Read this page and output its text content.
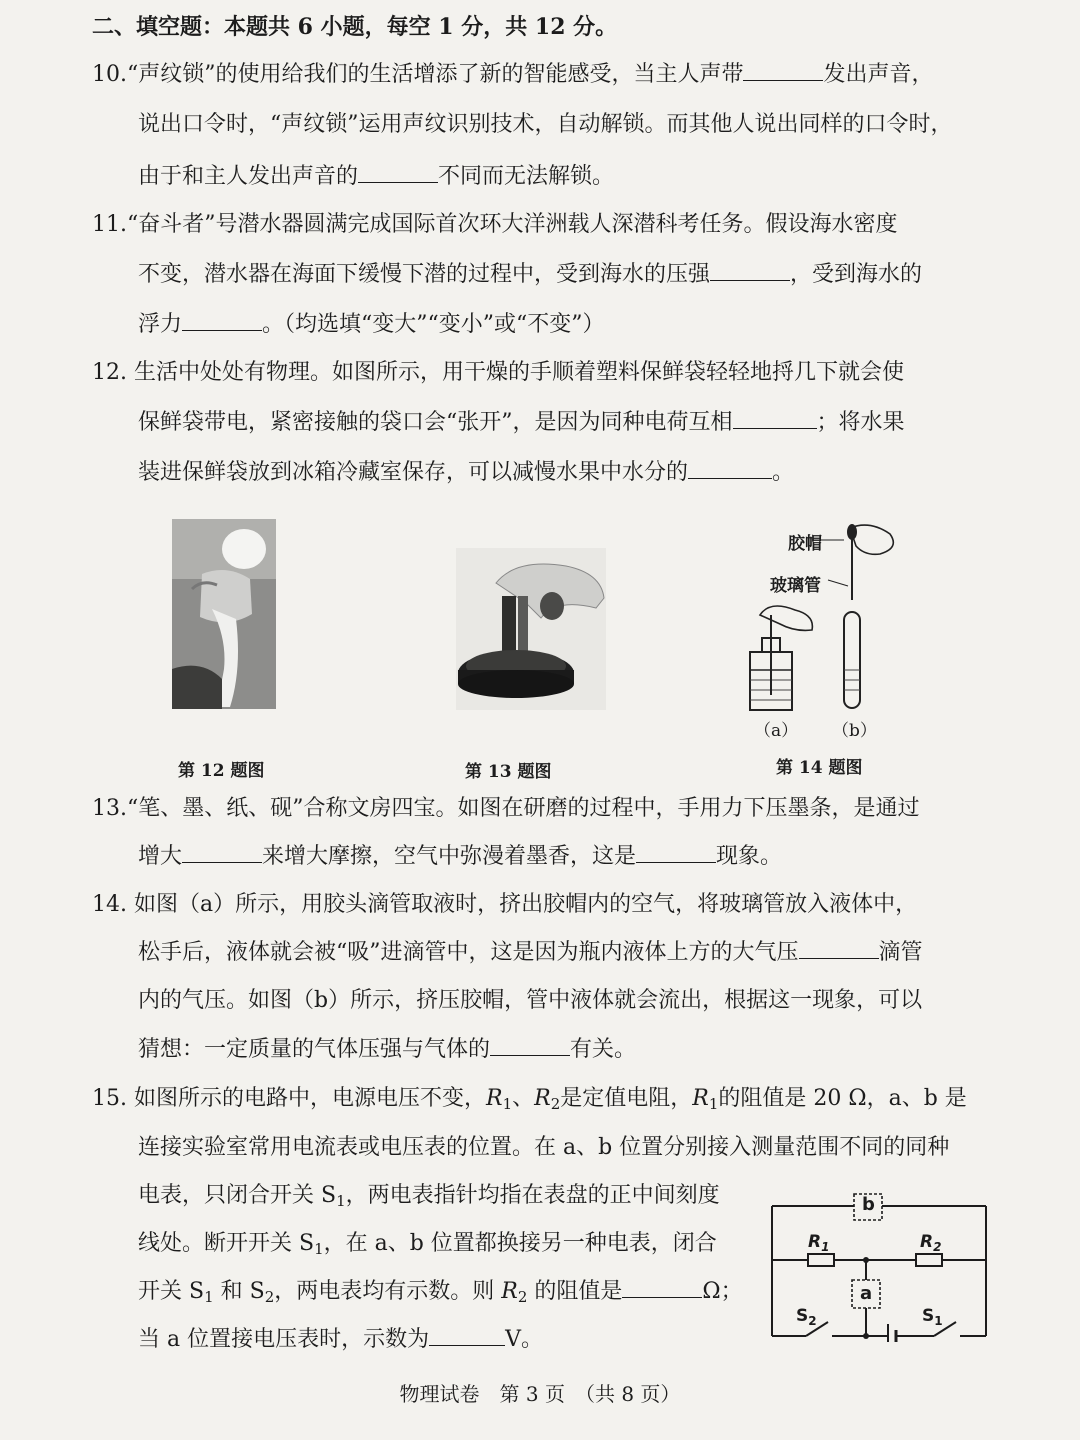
二、填空题：本题共 6 小题，每空 1 分，共 12 分。
10.“声纹锁”的使用给我们的生活增添了新的智能感受，当主人声带	发出声音，
说出口令时，“声纹锁”运用声纹识别技术，自动解锁。而其他人说出同样的口令时，
由于和主人发出声音的	不同而无法解锁。
11.“奋斗者”号潜水器圆满完成国际首次环大洋洲载人深潜科考任务。假设海水密度
不变，潜水器在海面下缓慢下潜的过程中，受到海水的压强	，受到海水的
浮力	。（均选填“变大”“变小”或“不变”）
12. 生活中处处有物理。如图所示，用干燥的手顺着塑料保鲜袋轻轻地捋几下就会使
保鲜袋带电，紧密接触的袋口会“张开”，是因为同种电荷互相	；将水果
装进保鲜袋放到冰箱冷藏室保存，可以减慢水果中水分的	。
胶帽
玻璃管
（a） （b）
第 12 题图	第 13 题图	第 14 题图
13.“笔、墨、纸、砚”合称文房四宝。如图在研磨的过程中，手用力下压墨条，是通过
增大	来增大摩擦，空气中弥漫着墨香，这是	现象。
14. 如图（a）所示，用胶头滴管取液时，挤出胶帽内的空气，将玻璃管放入液体中，
松手后，液体就会被“吸”进滴管中，这是因为瓶内液体上方的大气压	滴管
内的气压。如图（b）所示，挤压胶帽，管中液体就会流出，根据这一现象，可以
猜想：一定质量的气体压强与气体的	有关。
15. 如图所示的电路中，电源电压不变，$R_1$、$R_2$是定值电阻，$R_1$的阻值是 20 Ω，a、b 是
连接实验室常用电流表或电压表的位置。在 a、b 位置分别接入测量范围不同的同种
电表，只闭合开关 $S_1$，两电表指针均指在表盘的正中间刻度
线处。断开开关 $S_1$，在 a、b 位置都换接另一种电表，闭合
开关 $S_1$ 和 $S_2$，两电表均有示数。则 $R_2$ 的阻值是	Ω；
当 a 位置接电压表时，示数为	V。
b
a
$R_1$	$R_2$
$S_2$	$S_1$
物理试卷　第 3 页　（共 8 页）
